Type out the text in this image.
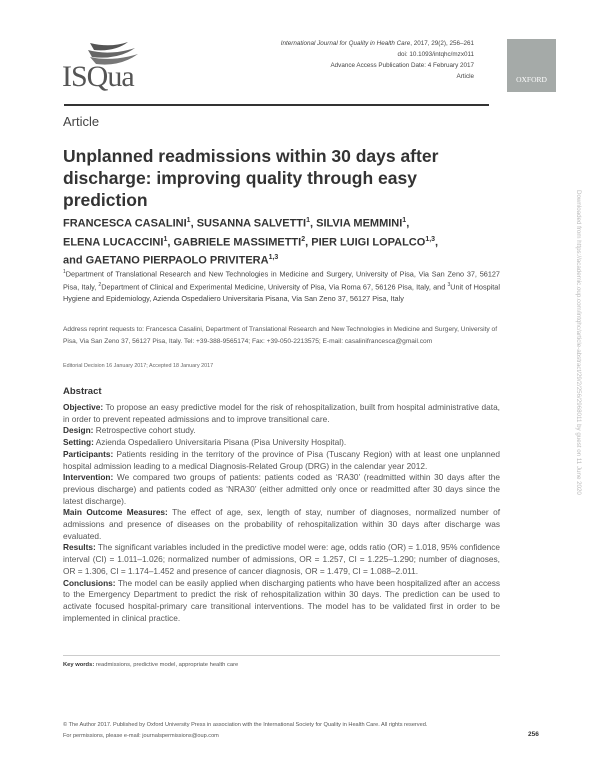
ISQua
International Journal for Quality in Health Care, 2017, 29(2), 256–261
doi: 10.1093/intqhc/mzx011
Advance Access Publication Date: 4 February 2017
Article	OXFORD
Article
Unplanned readmissions within 30 days after discharge: improving quality through easy prediction
FRANCESCA CASALINI$^1$, SUSANNA SALVETTI$^1$, SILVIA MEMMINI$^1$,
ELENA LUCACCINI$^1$, GABRIELE MASSIMETTI$^2$, PIER LUIGI LOPALCO$^{1,3}$,
and GAETANO PIERPAOLO PRIVITERA$^{1,3}$
$^1$Department of Translational Research and New Technologies in Medicine and Surgery, University of Pisa, Via San Zeno 37, 56127 Pisa, Italy, $^2$Department of Clinical and Experimental Medicine, University of Pisa, Via Roma 67, 56126 Pisa, Italy, and $^3$Unit of Hospital Hygiene and Epidemiology, Azienda Ospedaliero Universitaria Pisana, Via San Zeno 37, 56127 Pisa, Italy
Address reprint requests to: Francesca Casalini, Department of Translational Research and New Technologies in Medicine and Surgery, University of Pisa, Via San Zeno 37, 56127 Pisa, Italy. Tel: +39-388-9565174; Fax: +39-050-2213575; E-mail: casalinifrancesca@gmail.com
Editorial Decision 16 January 2017; Accepted 18 January 2017
Abstract

Objective: To propose an easy predictive model for the risk of rehospitalization, built from hospital administrative data, in order to prevent repeated admissions and to improve transitional care.

Design: Retrospective cohort study.

Setting: Azienda Ospedaliero Universitaria Pisana (Pisa University Hospital).

Participants: Patients residing in the territory of the province of Pisa (Tuscany Region) with at least one unplanned hospital admission leading to a medical Diagnosis-Related Group (DRG) in the calendar year 2012.

Intervention: We compared two groups of patients: patients coded as ‘RA30’ (readmitted within 30 days after the previous discharge) and patients coded as ‘NRA30’ (either admitted only once or readmitted after 30 days since the latest discharge).

Main Outcome Measures: The effect of age, sex, length of stay, number of diagnoses, normalized number of admissions and presence of diseases on the probability of rehospitalization within 30 days after discharge was evaluated.

Results: The significant variables included in the predictive model were: age, odds ratio (OR) = 1.018, 95% confidence interval (CI) = 1.011–1.026; normalized number of admissions, OR = 1.257, CI = 1.225–1.290; number of diagnoses, OR = 1.306, CI = 1.174–1.452 and presence of cancer diagnosis, OR = 1.479, CI = 1.088–2.011.

Conclusions: The model can be easily applied when discharging patients who have been hospitalized after an access to the Emergency Department to predict the risk of rehospitalization within 30 days. The prediction can be used to activate focused hospital-primary care transitional interventions. The model has to be validated first in order to be implemented in clinical practice.

Key words: readmissions, predictive model, appropriate health care
© The Author 2017. Published by Oxford University Press in association with the International Society for Quality in Health Care. All rights reserved.
For permissions, please e-mail: journalspermissions@oup.com	256
Downloaded from https://academic.oup.com/intqhc/article-abstract/29/2/256/2968011 by guest on 11 June 2020
